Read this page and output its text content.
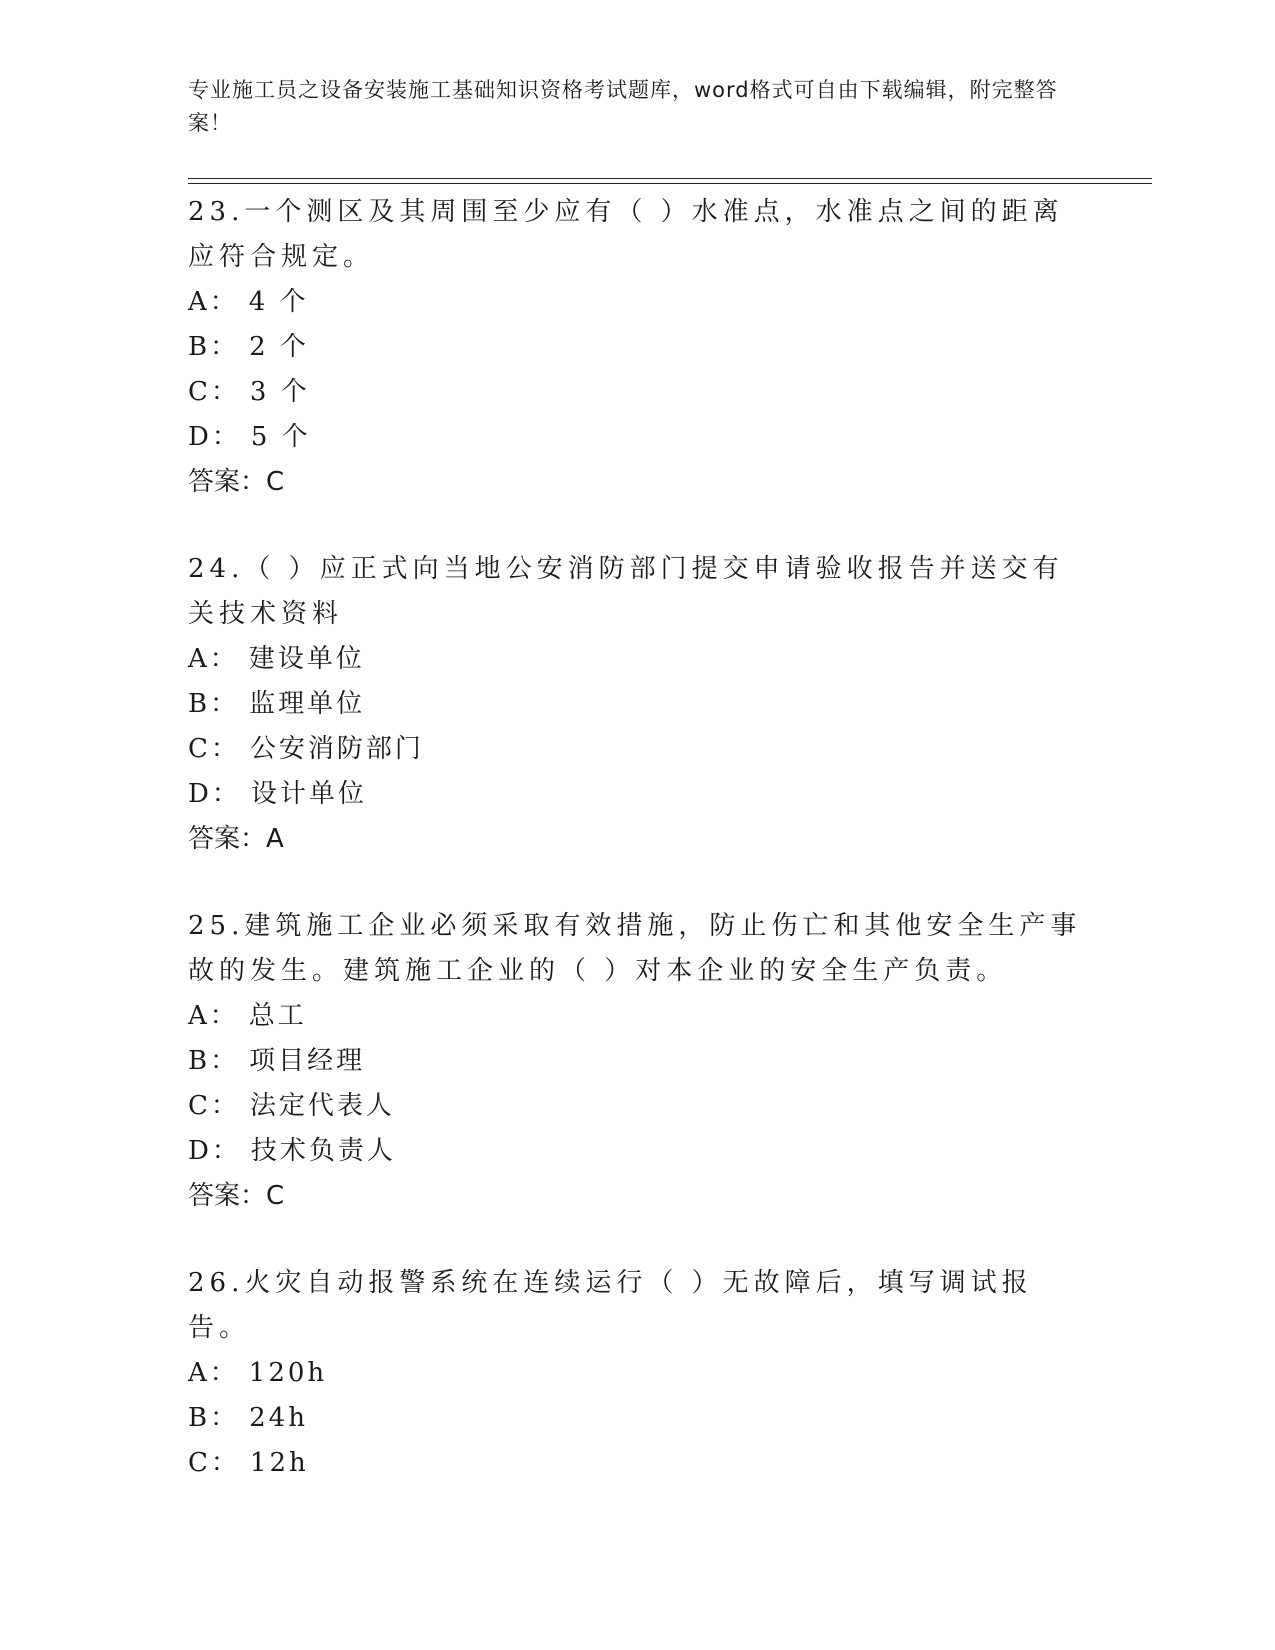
专业施工员之设备安装施工基础知识资格考试题库，word格式可自由下载编辑，附完整答案！

23.一个测区及其周围至少应有（ ）水准点，水准点之间的距离应符合规定。

A： 4 个

B： 2 个

C： 3 个

D： 5 个

答案：C

24.（ ）应正式向当地公安消防部门提交申请验收报告并送交有关技术资料

A： 建设单位

B： 监理单位

C： 公安消防部门

D： 设计单位

答案：A

25.建筑施工企业必须采取有效措施，防止伤亡和其他安全生产事故的发生。建筑施工企业的（ ）对本企业的安全生产负责。

A： 总工

B： 项目经理

C： 法定代表人

D： 技术负责人

答案：C

26.火灾自动报警系统在连续运行（ ）无故障后，填写调试报告。

A： 120h

B： 24h

C： 12h
